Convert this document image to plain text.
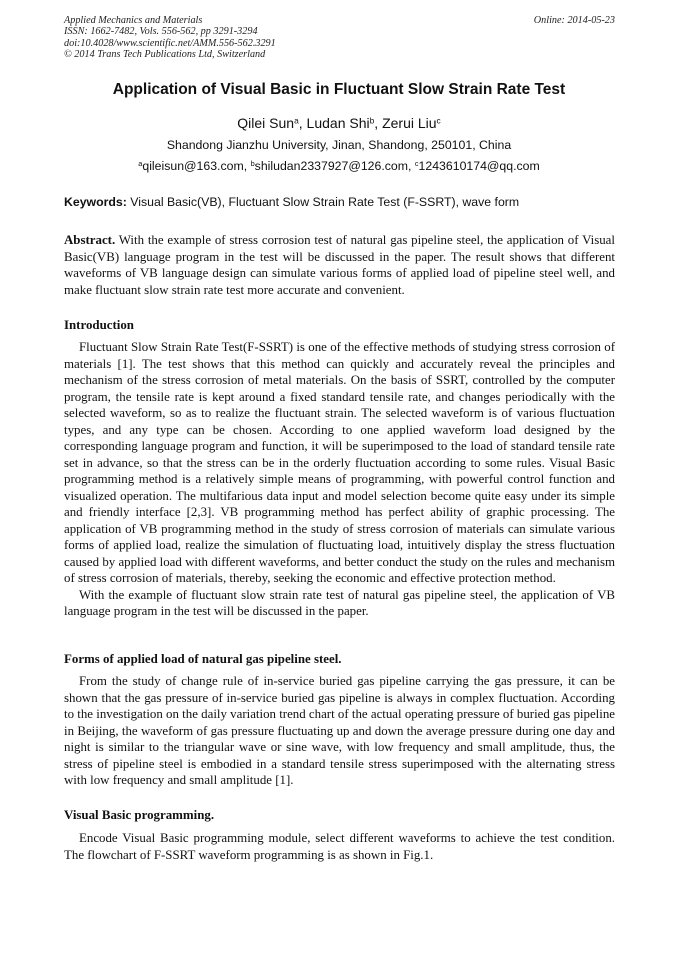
Applied Mechanics and Materials
ISSN: 1662-7482, Vols. 556-562, pp 3291-3294
doi:10.4028/www.scientific.net/AMM.556-562.3291
© 2014 Trans Tech Publications Ltd, Switzerland
Online: 2014-05-23
Application of Visual Basic in Fluctuant Slow Strain Rate Test
Qilei Sun$^a$, Ludan Shi$^b$, Zerui Liu$^c$
Shandong Jianzhu University, Jinan, Shandong, 250101, China
$^a$qileisun@163.com, $^b$shiludan2337927@126.com, $^c$1243610174@qq.com
Keywords: Visual Basic(VB), Fluctuant Slow Strain Rate Test (F-SSRT), wave form

Abstract. With the example of stress corrosion test of natural gas pipeline steel, the application of Visual Basic(VB) language program in the test will be discussed in the paper. The result shows that different waveforms of VB language design can simulate various forms of applied load of pipeline steel well, and make fluctuant slow strain rate test more accurate and convenient.

Introduction

Fluctuant Slow Strain Rate Test(F-SSRT) is one of the effective methods of studying stress corrosion of materials [1]. The test shows that this method can quickly and accurately reveal the principles and mechanism of the stress corrosion of metal materials. On the basis of SSRT, controlled by the computer program, the tensile rate is kept around a fixed standard tensile rate, and changes periodically with the selected waveform, so as to realize the fluctuant strain. The selected waveform is of various fluctuation types, and any type can be chosen. According to one applied waveform load designed by the corresponding language program and function, it will be superimposed to the load of standard tensile rate set in advance, so that the stress can be in the orderly fluctuation according to some rules. Visual Basic programming method is a relatively simple means of programming, with powerful control function and visualized operation. The multifarious data input and model selection become quite easy under its simple and friendly interface [2,3]. VB programming method has perfect ability of graphic processing. The application of VB programming method in the study of stress corrosion of materials can simulate various forms of applied load, realize the simulation of fluctuating load, intuitively display the stress fluctuation caused by applied load with different waveforms, and better conduct the study on the rules and mechanism of stress corrosion of materials, thereby, seeking the economic and effective protection method.

With the example of fluctuant slow strain rate test of natural gas pipeline steel, the application of VB language program in the test will be discussed in the paper.

Forms of applied load of natural gas pipeline steel.

From the study of change rule of in-service buried gas pipeline carrying the gas pressure, it can be shown that the gas pressure of in-service buried gas pipeline is always in complex fluctuation. According to the investigation on the daily variation trend chart of the actual operating pressure of buried gas pipeline in Beijing, the waveform of gas pressure fluctuating up and down the average pressure during one day and night is similar to the triangular wave or sine wave, with low frequency and small amplitude, thus, the stress of pipeline steel is embodied in a standard tensile stress superimposed with the alternating stress with low frequency and small amplitude [1].

Visual Basic programming.

Encode Visual Basic programming module, select different waveforms to achieve the test condition. The flowchart of F-SSRT waveform programming is as shown in Fig.1.
